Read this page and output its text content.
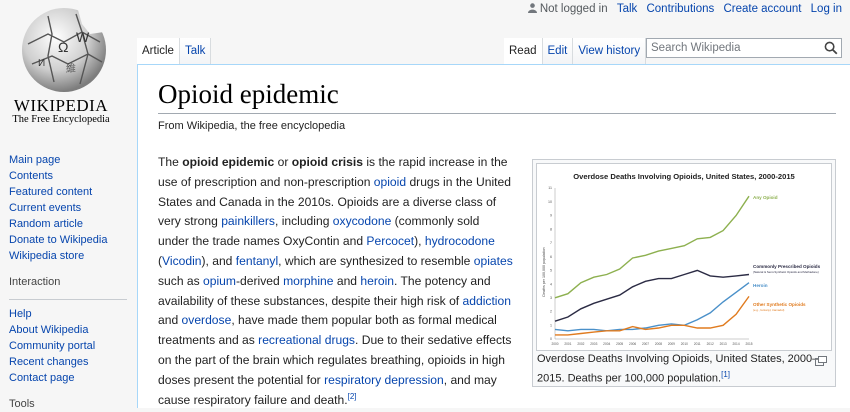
Ω
W
И
維
WIKIPEDIA
The Free Encyclopedia
Main page
Contents
Featured content
Current events
Random article
Donate to Wikipedia
Wikipedia store
Interaction
Help
About Wikipedia
Community portal
Recent changes
Contact page
Tools
Not logged in Talk Contributions Create account Log in
Article Talk	Read Edit View history
Search Wikipedia
Opioid epidemic
From Wikipedia, the free encyclopedia

The opioid epidemic or opioid crisis is the rapid increase in the use of prescription and non-prescription opioid drugs in the United States and Canada in the 2010s. Opioids are a diverse class of very strong painkillers, including oxycodone (commonly sold under the trade names OxyContin and Percocet), hydrocodone (Vicodin), and fentanyl, which are synthesized to resemble opiates such as opium-derived morphine and heroin. The potency and availability of these substances, despite their high risk of addiction and overdose, have made them popular both as formal medical treatments and as recreational drugs. Due to their sedative effects on the part of the brain which regulates breathing, opioids in high doses present the potential for respiratory depression, and may cause respiratory failure and death.[2]

Overdose Deaths Involving Opioids, United States, 2000-2015
Deaths per 100,000 population
0
1
2
3
4
5
6
7
8
9
10
11
2000 2001 2002 2003 2004 2005 2006 2007 2008 2009 2010 2011 2012 2013 2014 2015
Any Opioid
Commonly Prescribed Opioids
(Natural & Semi-Synthetic Opioids and Methadone)
Heroin
Other Synthetic Opioids
(e.g., fentanyl, tramadol)
Overdose Deaths Involving Opioids, United States, 2000–2015. Deaths per 100,000 population.[1]
